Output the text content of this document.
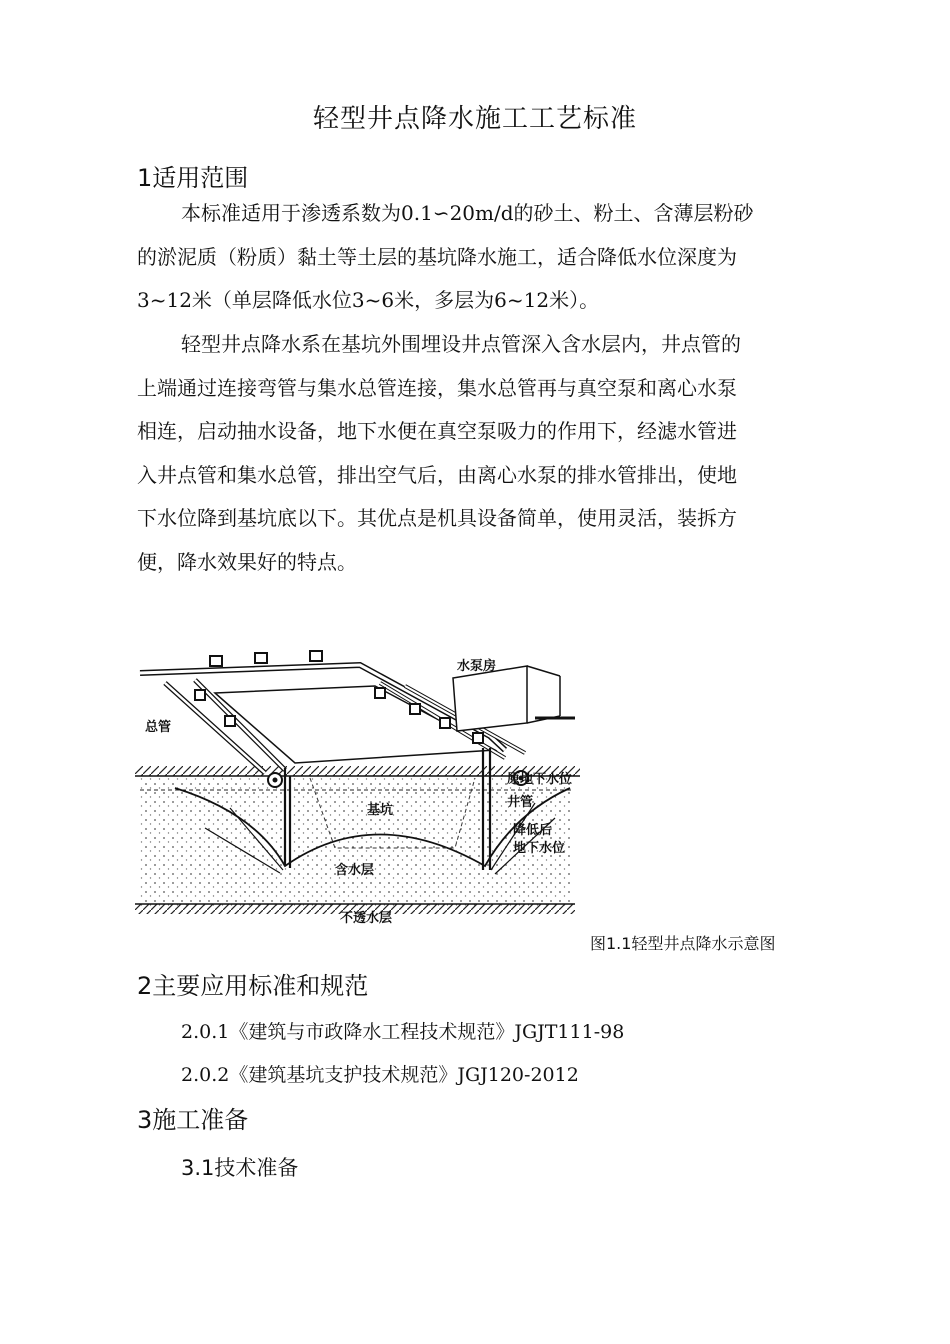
轻型井点降水施工工艺标准
1适用范围

本标准适用于渗透系数为0.1∽20m/d的砂土、粉土、含薄层粉砂
的淤泥质（粉质）黏土等土层的基坑降水施工，适合降低水位深度为
3~12米（单层降低水位3~6米，多层为6~12米）。

轻型井点降水系在基坑外围埋设井点管深入含水层内，井点管的
上端通过连接弯管与集水总管连接，集水总管再与真空泵和离心水泵
相连，启动抽水设备，地下水便在真空泵吸力的作用下，经滤水管进
入井点管和集水总管，排出空气后，由离心水泵的排水管排出，使地
下水位降到基坑底以下。其优点是机具设备简单，使用灵活，装拆方
便，降水效果好的特点。

水泵房
总管
原地下水位
井管
基坑
降低后
地下水位
含水层
不透水层
图1.1轻型井点降水示意图
2主要应用标准和规范
2.0.1《建筑与市政降水工程技术规范》JGJT111-98
2.0.2《建筑基坑支护技术规范》JGJ120-2012
3施工准备
3.1技术准备
